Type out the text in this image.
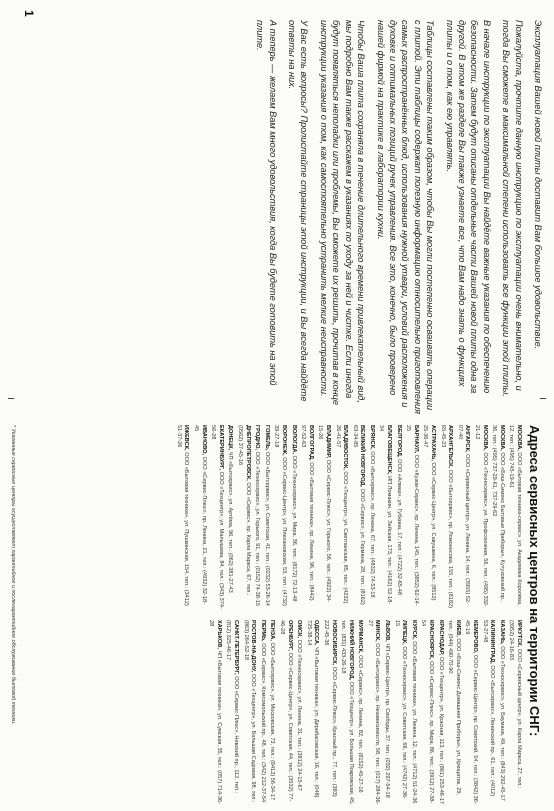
Эксплуатация Вашей новой плиты доставит Вам большое удовольствие.

Пожалуйста, прочтите данную инструкцию по эксплуатации очень внимательно, и тогда Вы сможете в максимальной степени использовать все функции этой плиты.

В начале инструкции по эксплуатации Вы найдёте важные указания по обеспечению безопасности. Затем будут описаны отдельные части Вашей новой плиты одна за другой. В этом же разделе Вы также узнаете все, что Вам надо знать о функциях плиты и о том, как ею управлять.

Таблицы составлены таким образом, чтобы Вы могли постепенно осваивать операции с плитой. Эти таблицы содержат полезную информацию относительно приготовления самых распространённых блюд, использования нужной утвари, условий расположения и духовке и оптимальных позиций ручек управления. Все это, конечно, было проверено нашей фирмой на практике в лаборатории кухни.

Чтобы Ваша плита сохраняла в течение длительного времени привлекательный вид, мы подробно Вам также расскажем в указаниях по уходу за ней и чистке. Если иногда будут появляться неполадки или проблемы, Вы сможете их решить, прочитав в конце инструкции указания о том, как самостоятельно устранить мелкие неисправности.

У Вас есть вопросы? Пролистайте страницы этой инструкции, и Вы всегда найдёте ответы на них.

А теперь — желаем Вам много удовольствия, когда Вы будете готовить на этой плите.

1
Адреса сервисных центров на территории СНГ:

МОСКВА, ООО «Бытовая техника-сервис», ул. Академика Королёва, 12, тел.: (495) 745-19-61

МОСКВА, ООО «Бош-Сименс Бытовые Приборы», Кутузовский пр., 36, тел.: (495) 737-29-61, 737-29-62

МОСКВА, ООО «Техносервис», ул. Профсоюзная, 56, тел.: (495) 332-21-12

АНГАРСК, ООО «Сервисный центр», ул. Ленина, 14, тел.: (3955) 52-07-40

АРХАНГЕЛЬСК, ООО «Бытсервис», пр. Ломоносова, 155, тел.: (8182) 65-45-23

АСТРАХАНЬ, ООО «Сервис-Центр», ул. Савушкина, 6, тел.: (8512) 25-36-47

БАРНАУЛ, ООО «Кузов-Сервис», пр. Ленина, 145, тел.: (3852) 62-14-25

БЕЛГОРОД, ООО «Алмаз», ул. Губкина, 17, тел.: (4722) 32-65-48

БЛАГОВЕЩЕНСК, ИП Ломакин, ул. Зейская, 173, тел.: (4162) 52-18-34

БРЯНСК, ООО «Бытсервис», пр. Ленина, 67, тел.: (4832) 74-53-18

ВЕЛИКИЙ НОВГОРОД, ООО «Сервис», ул. Германа, 28, тел.: (8162) 63-34-85

ВЛАДИВОСТОК, ООО «Техцентр», ул. Светланская, 85, тел.: (4232) 26-41-57

ВЛАДИМИР, ООО «Сервис-Плюс», ул. Горького, 56, тел.: (4922) 34-15-26

ВОЛГОГРАД, ООО «Бытовая техника», пр. Ленина, 96, тел.: (8442) 97-52-63

ВОЛОГДА, ООО «Техносервис», ул. Мира, 36, тел.: (8172) 72-13-48

ВОРОНЕЖ, ООО «Сервис-Центр», ул. Плехановская, 53, тел.: (4732) 39-27-18

ГОМЕЛЬ, ООО «Бытсервис», ул. Советская, 41, тел.: (0232) 53-26-14

ГРОДНО, ООО «Техносервис», ул. Горького, 91, тел.: (0152) 74-38-15

ДНЕПРОПЕТРОВСК, ООО «Сервис», пр. Карла Маркса, 67, тел.: (0562) 37-45-16

ДОНЕЦК, ЧП «Бытсервис», ул. Артёма, 96, тел.: (062) 381-27-43

ЕКАТЕРИНБУРГ, ООО «Техцентр», ул. Малышева, 84, тел.: (343) 374-56-28

ИВАНОВО, ООО «Сервис-Плюс», пр. Ленина, 21, тел.: (4932) 32-18-45

ИЖЕВСК, ООО «Бытовая техника», ул. Пушкинская, 154, тел.: (3412) 51-37-26

ИРКУТСК, ООО «Сервисный центр», ул. Карла Маркса, 27, тел.: (3952) 24-16-83

КАЗАНЬ, ООО «Техносервис», ул. Баумана, 49, тел.: (843) 292-45-17

КАЛИНИНГРАД, ООО «Бытсервис», Ленинский пр., 61, тел.: (4012) 53-27-48

КЕМЕРОВО, ООО «Сервис-Центр», пр. Советский, 54, тел.: (3842) 36-45-19

КИЕВ, ООО «Бош-Сименс Домашние Приборы», ул. Крещатик, 29, тел.: (044) 490-70-90

КРАСНОДАР, ООО «Техцентр», ул. Красная, 113, тел.: (861) 253-46-17

КРАСНОЯРСК, ООО «Сервис-Плюс», пр. Мира, 86, тел.: (3912) 27-38-54

КУРСК, ООО «Бытовая техника», ул. Ленина, 12, тел.: (4712) 51-24-36

ЛИПЕЦК, ООО «Техносервис», ул. Советская, 66, тел.: (4742) 27-36-15

ЛЬВОВ, ЧП «Сервис-Центр», пр. Свободы, 37, тел.: (032) 297-54-18

МИНСК, ООО «Бытсервис», пр. Независимости, 58, тел.: (017) 284-36-27

МУРМАНСК, ООО «Сервис», пр. Ленина, 82, тел.: (8152) 45-27-16

НИЖНИЙ НОВГОРОД, ООО «Техцентр», ул. Большая Покровская, 45, тел.: (831) 433-26-18

НОВОСИБИРСК, ООО «Сервис-Плюс», Красный пр., 77, тел.: (383) 222-45-36

ОДЕССА, ЧП «Бытовая техника», ул. Дерибасовская, 16, тел.: (048) 725-38-14

ОМСК, ООО «Техносервис», ул. Ленина, 31, тел.: (3812) 24-15-67

ОРЕНБУРГ, ООО «Сервис-Центр», ул. Советская, 44, тел.: (3532) 77-46-28

ПЕНЗА, ООО «Бытсервис», ул. Московская, 73, тел.: (8412) 56-34-17

ПЕРМЬ, ООО «Сервис», Комсомольский пр., 48, тел.: (342) 212-37-54

РОСТОВ-НА-ДОНУ, ООО «Техцентр», ул. Большая Садовая, 98, тел.: (863) 264-52-18

САНКТ-ПЕТЕРБУРГ, ООО «Сервис-Плюс», Невский пр., 112, тел.: (812) 325-46-17

ХАРЬКОВ, ЧП «Бытовая техника», ул. Сумская, 35, тел.: (057) 714-36-28

* Указанные сервисные центры осуществляют гарантийное и послегарантийное обслуживание бытовой техники.
